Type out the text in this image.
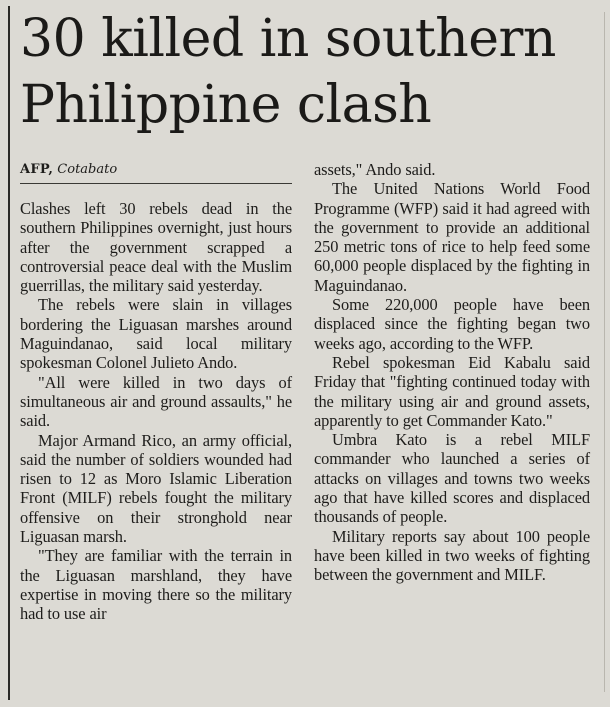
30 killed in southern Philippine clash
AFP, Cotabato

Clashes left 30 rebels dead in the southern Philippines overnight, just hours after the government scrapped a controversial peace deal with the Muslim guerrillas, the military said yesterday.

The rebels were slain in villages bordering the Liguasan marshes around Maguindanao, said local military spokesman Colonel Julieto Ando.

"All were killed in two days of simultaneous air and ground assaults," he said.

Major Armand Rico, an army official, said the number of soldiers wounded had risen to 12 as Moro Islamic Liberation Front (MILF) rebels fought the military offensive on their stronghold near Liguasan marsh.

"They are familiar with the terrain in the Liguasan marshland, they have expertise in moving there so the military had to use air

assets," Ando said.

The United Nations World Food Programme (WFP) said it had agreed with the government to provide an additional 250 metric tons of rice to help feed some 60,000 people displaced by the fighting in Maguindanao.

Some 220,000 people have been displaced since the fighting began two weeks ago, according to the WFP.

Rebel spokesman Eid Kabalu said Friday that "fighting continued today with the military using air and ground assets, apparently to get Commander Kato."

Umbra Kato is a rebel MILF commander who launched a series of attacks on villages and towns two weeks ago that have killed scores and displaced thousands of people.

Military reports say about 100 people have been killed in two weeks of fighting between the government and MILF.
